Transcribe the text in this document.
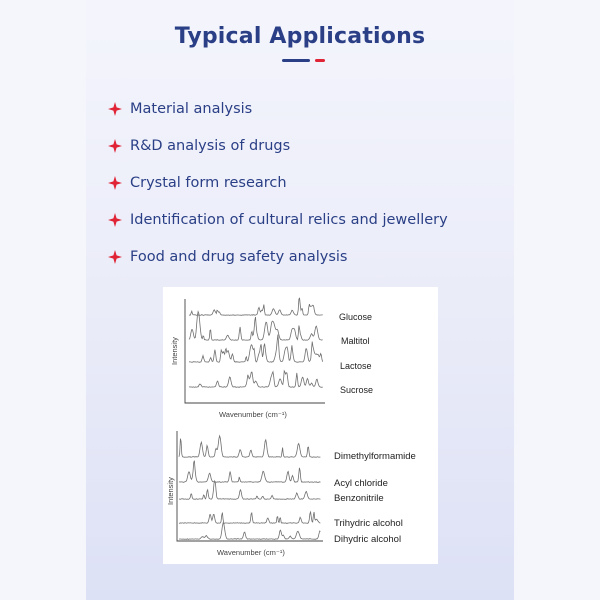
Typical Applications
Material analysis
R&D analysis of drugs
Crystal form research
Identification of cultural relics and jewellery
Food and drug safety analysis
Intensity
Wavenumber (cm⁻¹)
Glucose
Maltitol
Lactose
Sucrose
Intensity
Wavenumber (cm⁻¹)
Dimethylformamide
Acyl chloride
Benzonitrile
Trihydric alcohol
Dihydric alcohol
